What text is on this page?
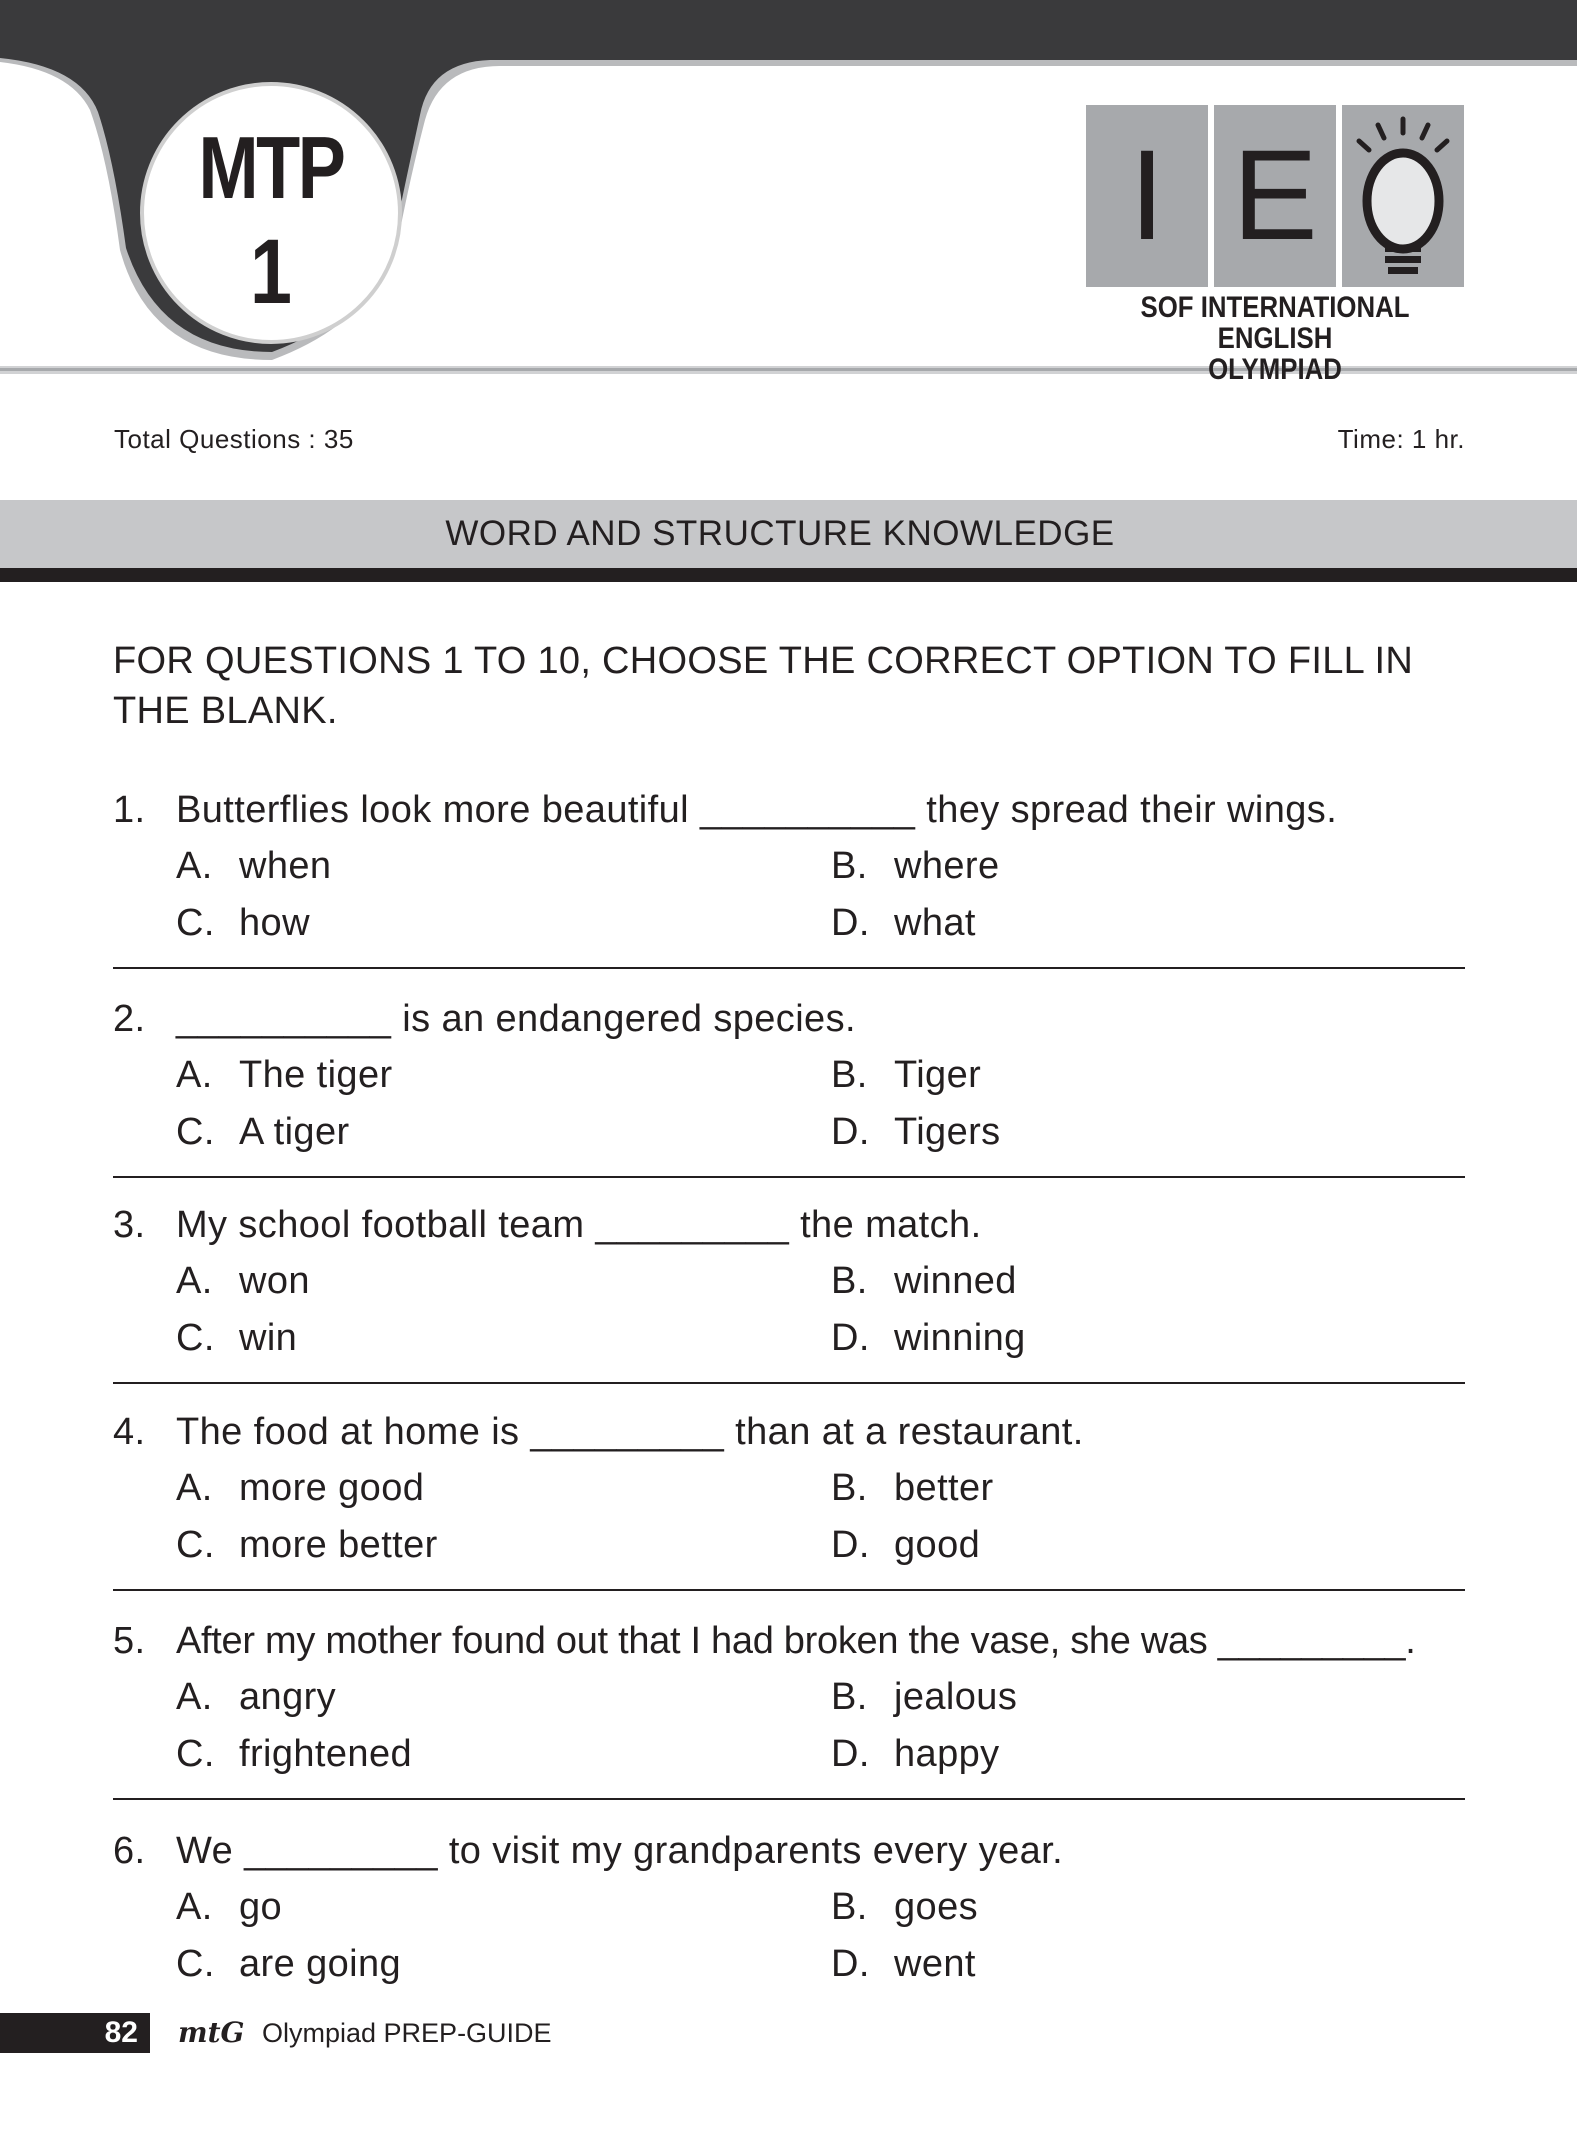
MTP
1
I E
SOF INTERNATIONAL ENGLISH
OLYMPIAD
Total Questions : 35	Time: 1 hr.
WORD AND STRUCTURE KNOWLEDGE
FOR QUESTIONS 1 TO 10, CHOOSE THE CORRECT OPTION TO FILL IN THE BLANK.
1. Butterflies look more beautiful __________ they spread their wings.
A. when	B. where
C. how	D. what
2. __________ is an endangered species.
A. The tiger	B. Tiger
C. A tiger	D. Tigers
3. My school football team _________ the match.
A. won	B. winned
C. win	D. winning
4. The food at home is _________ than at a restaurant.
A. more good	B. better
C. more better	D. good
5. After my mother found out that I had broken the vase, she was _________.
A. angry	B. jealous
C. frightened	D. happy
6. We _________ to visit my grandparents every year.
A. go	B. goes
C. are going	D. went
82	mtG Olympiad PREP-GUIDE
